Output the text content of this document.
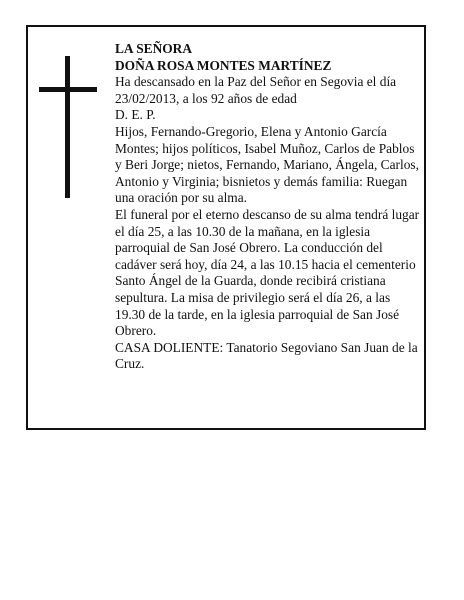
LA SEÑORA

DOÑA ROSA MONTES MARTÍNEZ

Ha descansado en la Paz del Señor en Segovia el día 23/02/2013, a los 92 años de edad

D. E. P.

Hijos, Fernando-Gregorio, Elena y Antonio García Montes; hijos políticos, Isabel Muñoz, Carlos de Pablos y Beri Jorge; nietos, Fernando, Mariano, Ángela, Carlos, Antonio y Virginia; bisnietos y demás familia: Ruegan una oración por su alma.

El funeral por el eterno descanso de su alma tendrá lugar el día 25, a las 10.30 de la mañana, en la iglesia parroquial de San José Obrero. La conducción del cadáver será hoy, día 24, a las 10.15 hacia el cementerio Santo Ángel de la Guarda, donde recibirá cristiana sepultura. La misa de privilegio será el día 26, a las 19.30 de la tarde, en la iglesia parroquial de San José Obrero.

CASA DOLIENTE: Tanatorio Segoviano San Juan de la Cruz.
